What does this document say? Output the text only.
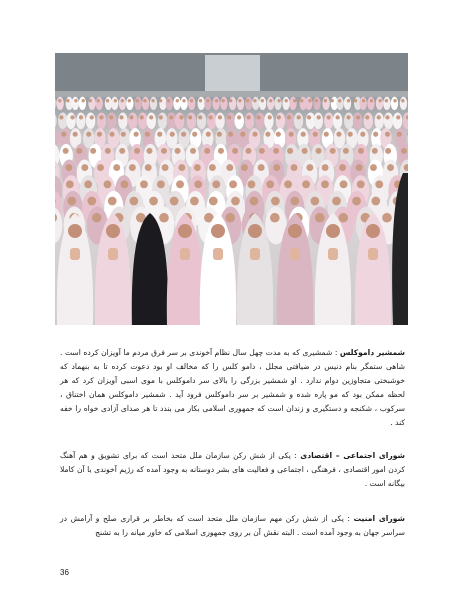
شمشیر داموکلس : شمشیری که به مدت چهل سال نظام آخوندی بر سر فرق مردم ما آویزان کرده است . شاهی ستمگر بنام دنیس در ضیافتی مجلل ، دامو کلس را که مخالف او بود دعوت کرده تا به بنهماد که خوشبختی متجاوزین دوام ندارد . او شمشیر بزرگی را بالای سر داموکلس با موی اسبی آویزان کرد که هر لحظه ممکن بود که مو پاره شده و شمشیر بر سر داموکلس فرود آید . شمشیر داموکلس همان اختناق ، سرکوب ، شکنجه و دستگیری و زندان است که جمهوری اسلامی بکار می بندد تا هر صدای آزادی خواه را خفه کند .
شورای اجتماعی – اقتصادی : یکی از شش رکن سازمان ملل متحد است که برای تشویق و هم آهنگ کردن امور اقتصادی ، فرهنگی ، اجتماعی و فعالیت های بشر دوستانه به وجود آمده که رژیم آخوندی با آن کاملا بیگانه است .
شورای امنیت : یکی از شش رکن مهم سازمان ملل متحد است که بخاطر بر قراری صلح و آرامش در سراسر جهان به وجود آمده است . البته نقش آن بر روی جمهوری اسلامی که خاور میانه را به تشنج
36
